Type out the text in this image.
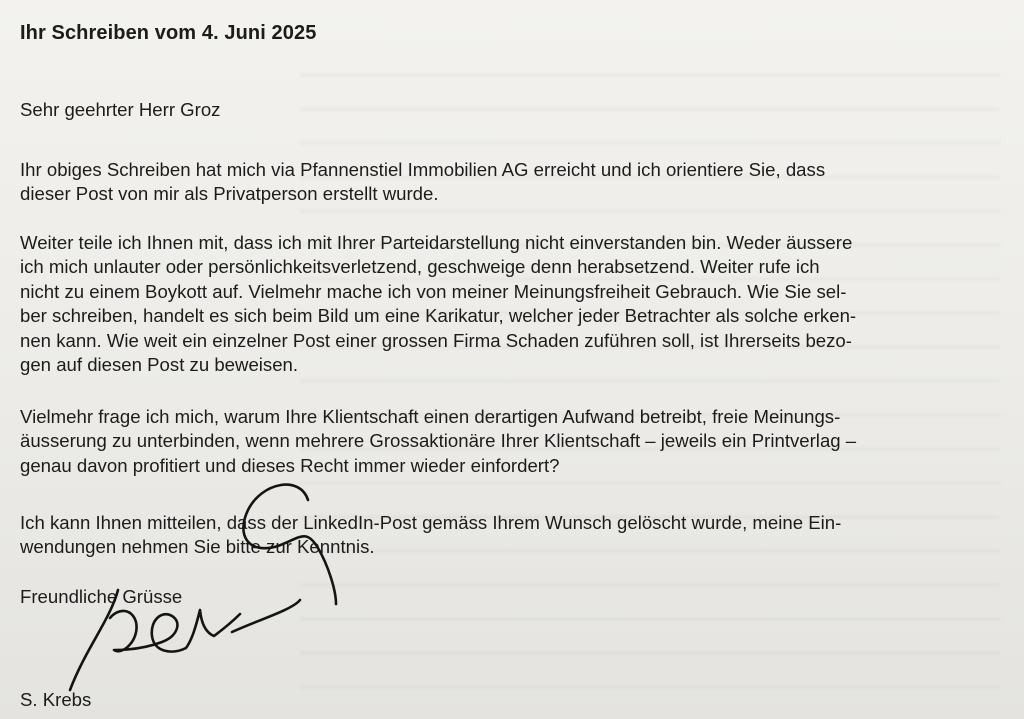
Ihr Schreiben vom 4. Juni 2025
Sehr geehrter Herr Groz
Ihr obiges Schreiben hat mich via Pfannenstiel Immobilien AG erreicht und ich orientiere Sie, dass
dieser Post von mir als Privatperson erstellt wurde.
Weiter teile ich Ihnen mit, dass ich mit Ihrer Parteidarstellung nicht einverstanden bin. Weder äussere
ich mich unlauter oder persönlichkeitsverletzend, geschweige denn herabsetzend. Weiter rufe ich
nicht zu einem Boykott auf. Vielmehr mache ich von meiner Meinungsfreiheit Gebrauch. Wie Sie sel-
ber schreiben, handelt es sich beim Bild um eine Karikatur, welcher jeder Betrachter als solche erken-
nen kann. Wie weit ein einzelner Post einer grossen Firma Schaden zuführen soll, ist Ihrerseits bezo-
gen auf diesen Post zu beweisen.
Vielmehr frage ich mich, warum Ihre Klientschaft einen derartigen Aufwand betreibt, freie Meinungs-
äusserung zu unterbinden, wenn mehrere Grossaktionäre Ihrer Klientschaft – jeweils ein Printverlag –
genau davon profitiert und dieses Recht immer wieder einfordert?
Ich kann Ihnen mitteilen, dass der LinkedIn-Post gemäss Ihrem Wunsch gelöscht wurde, meine Ein-
wendungen nehmen Sie bitte zur Kenntnis.
Freundliche Grüsse
S. Krebs
